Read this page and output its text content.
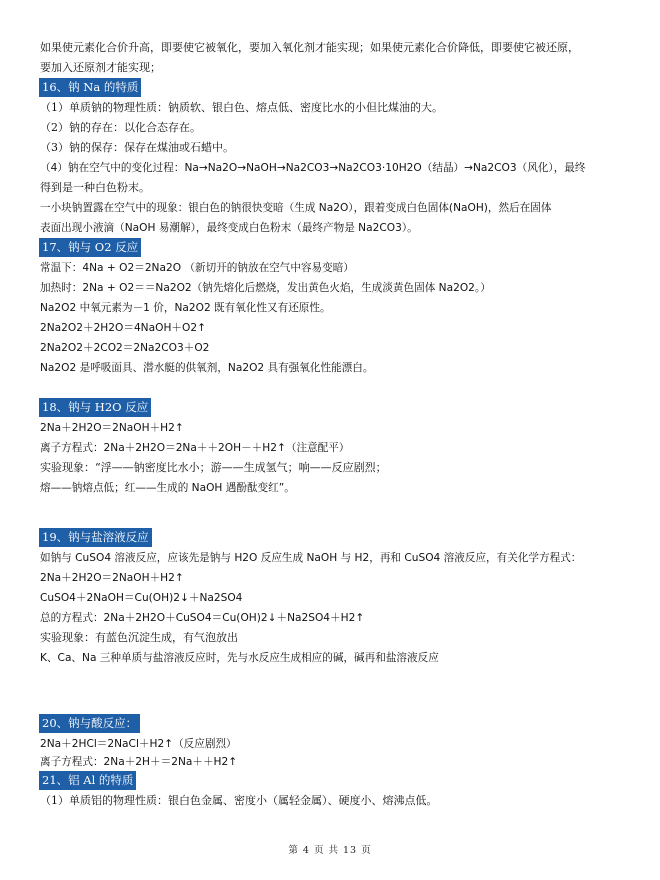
如果使元素化合价升高，即要使它被氧化，要加入氧化剂才能实现；如果使元素化合价降低，即要使它被还原，
要加入还原剂才能实现；
16、钠 Na 的特质
（1）单质钠的物理性质：钠质软、银白色、熔点低、密度比水的小但比煤油的大。
（2）钠的存在：以化合态存在。
（3）钠的保存：保存在煤油或石蜡中。
（4）钠在空气中的变化过程：Na→Na2O→NaOH→Na2CO3→Na2CO3·10H2O（结晶）→Na2CO3（风化），最终
得到是一种白色粉末。
一小块钠置露在空气中的现象：银白色的钠很快变暗（生成 Na2O），跟着变成白色固体(NaOH)，然后在固体
表面出现小液滴（NaOH 易潮解），最终变成白色粉末（最终产物是 Na2CO3）。
17、钠与 O2 反应
常温下：4Na + O2＝2Na2O （新切开的钠放在空气中容易变暗）
加热时：2Na + O2＝＝Na2O2（钠先熔化后燃烧，发出黄色火焰，生成淡黄色固体 Na2O2。）
Na2O2 中氧元素为－1 价，Na2O2 既有氧化性又有还原性。
2Na2O2＋2H2O＝4NaOH＋O2↑
2Na2O2＋2CO2＝2Na2CO3＋O2
Na2O2 是呼吸面具、潜水艇的供氧剂，Na2O2 具有强氧化性能漂白。
18、钠与 H2O 反应
2Na＋2H2O＝2NaOH＋H2↑
离子方程式：2Na＋2H2O＝2Na＋＋2OH－＋H2↑（注意配平）
实验现象：“浮——钠密度比水小；游——生成氢气；响——反应剧烈；
熔——钠熔点低；红——生成的 NaOH 遇酚酞变红”。
19、钠与盐溶液反应
如钠与 CuSO4 溶液反应，应该先是钠与 H2O 反应生成 NaOH 与 H2，再和 CuSO4 溶液反应，有关化学方程式：
2Na＋2H2O＝2NaOH＋H2↑
CuSO4＋2NaOH＝Cu(OH)2↓＋Na2SO4
总的方程式：2Na＋2H2O＋CuSO4＝Cu(OH)2↓＋Na2SO4＋H2↑
实验现象：有蓝色沉淀生成，有气泡放出
K、Ca、Na 三种单质与盐溶液反应时，先与水反应生成相应的碱，碱再和盐溶液反应
20、钠与酸反应：
2Na＋2HCl＝2NaCl＋H2↑（反应剧烈）
离子方程式：2Na＋2H＋＝2Na＋＋H2↑
21、铝 Al 的特质
（1）单质铝的物理性质：银白色金属、密度小（属轻金属）、硬度小、熔沸点低。
第 4 页 共 13 页
